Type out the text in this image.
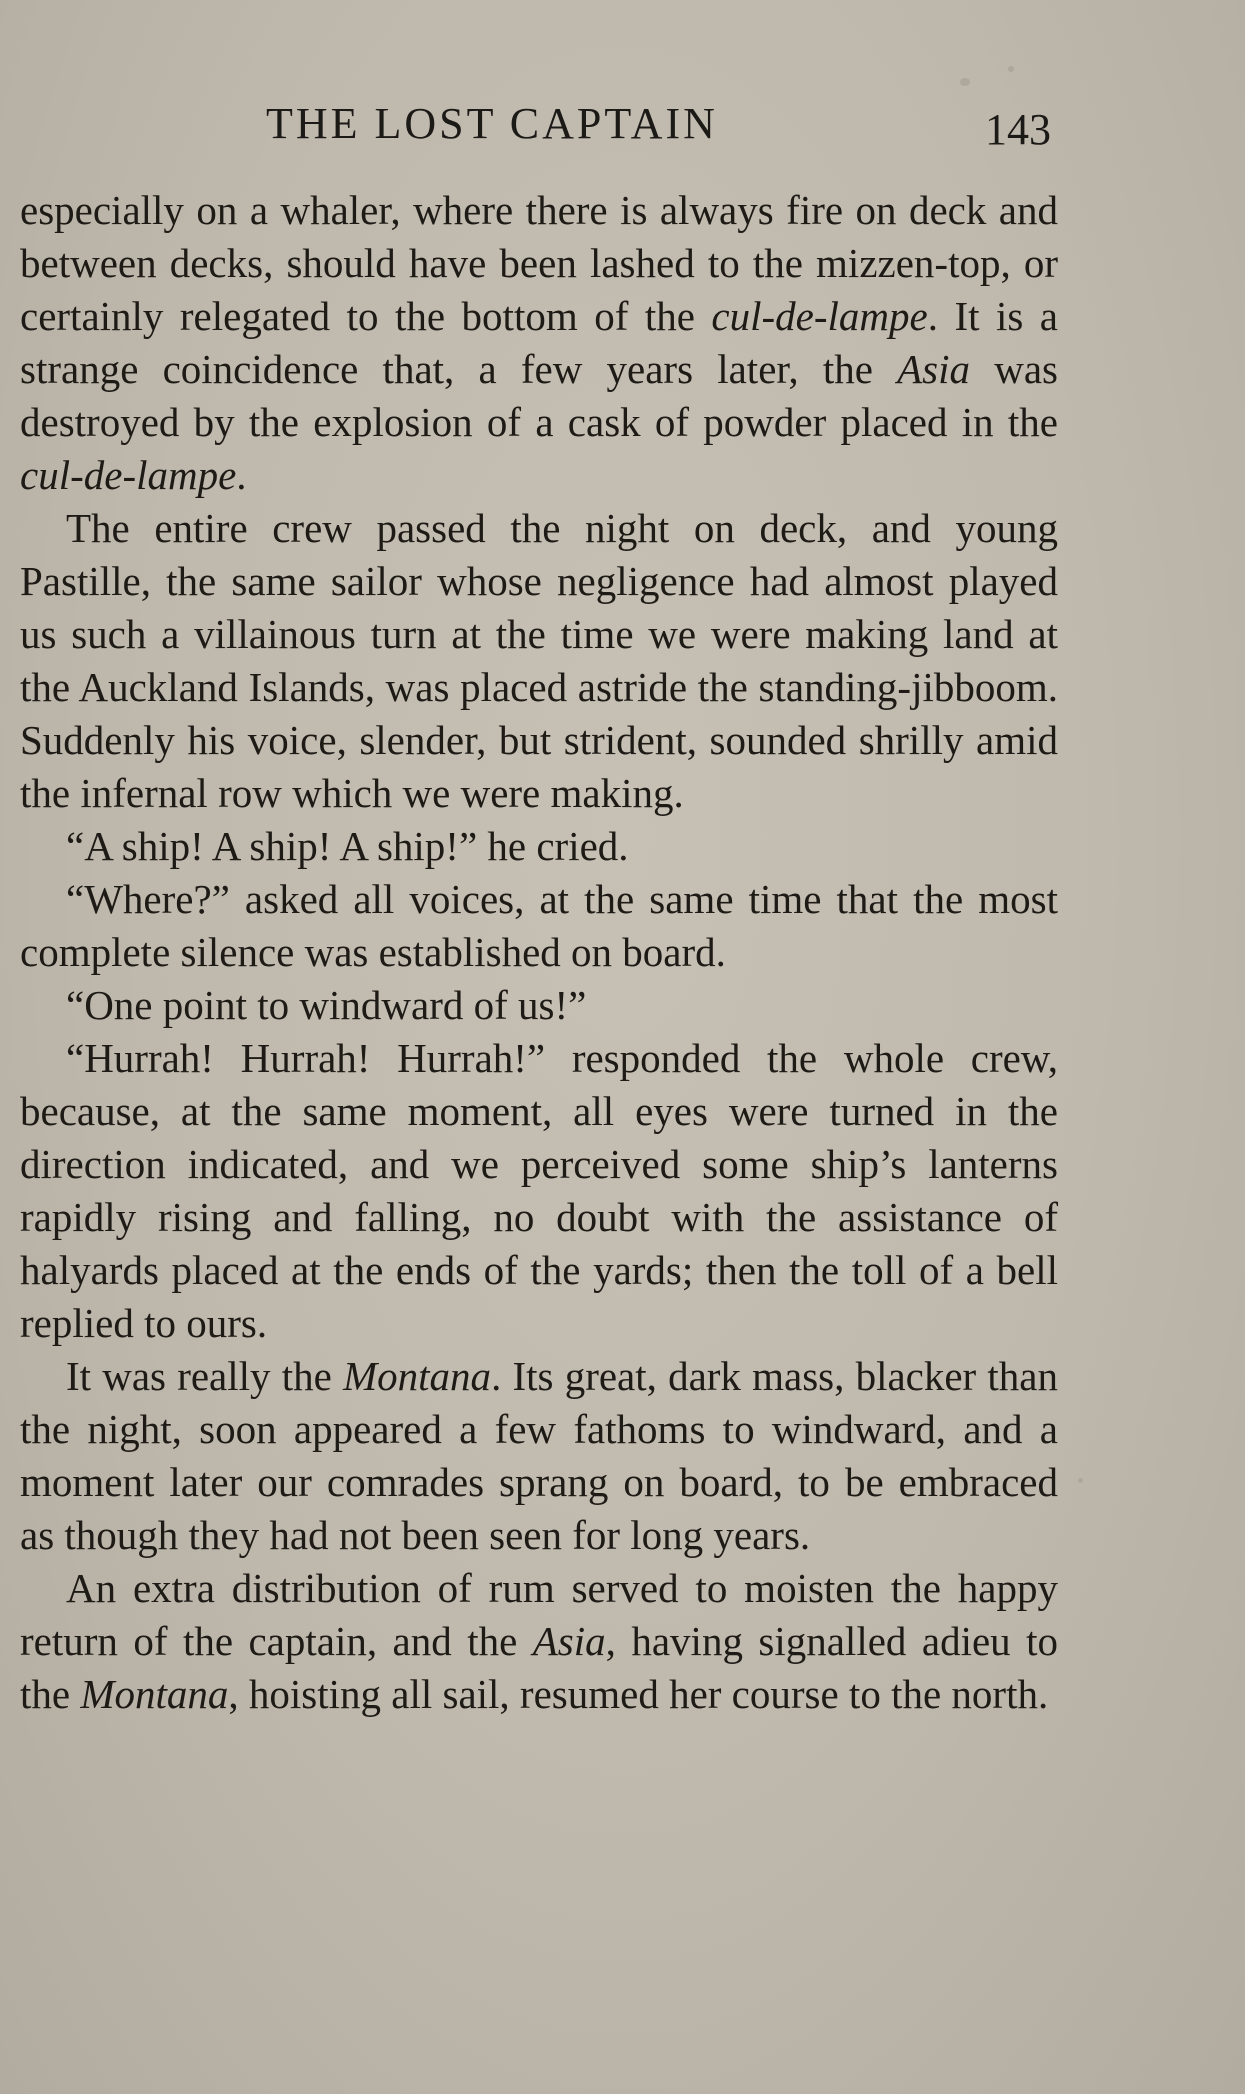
THE LOST CAPTAIN	143

especially on a whaler, where there is always fire on deck and between decks, should have been lashed to the mizzen-top, or certainly relegated to the bottom of the cul-de-lampe. It is a strange coincidence that, a few years later, the Asia was destroyed by the explosion of a cask of powder placed in the cul-de-lampe.

The entire crew passed the night on deck, and young Pastille, the same sailor whose negligence had almost played us such a villainous turn at the time we were making land at the Auckland Islands, was placed astride the standing-jibboom. Suddenly his voice, slender, but strident, sounded shrilly amid the infernal row which we were making.

“A ship! A ship! A ship!” he cried.

“Where?” asked all voices, at the same time that the most complete silence was established on board.

“One point to windward of us!”

“Hurrah! Hurrah! Hurrah!” responded the whole crew, because, at the same moment, all eyes were turned in the direction indicated, and we perceived some ship’s lanterns rapidly rising and falling, no doubt with the assistance of halyards placed at the ends of the yards; then the toll of a bell replied to ours.

It was really the Montana. Its great, dark mass, blacker than the night, soon appeared a few fathoms to windward, and a moment later our comrades sprang on board, to be embraced as though they had not been seen for long years.

An extra distribution of rum served to moisten the happy return of the captain, and the Asia, having signalled adieu to the Montana, hoisting all sail, resumed her course to the north.
